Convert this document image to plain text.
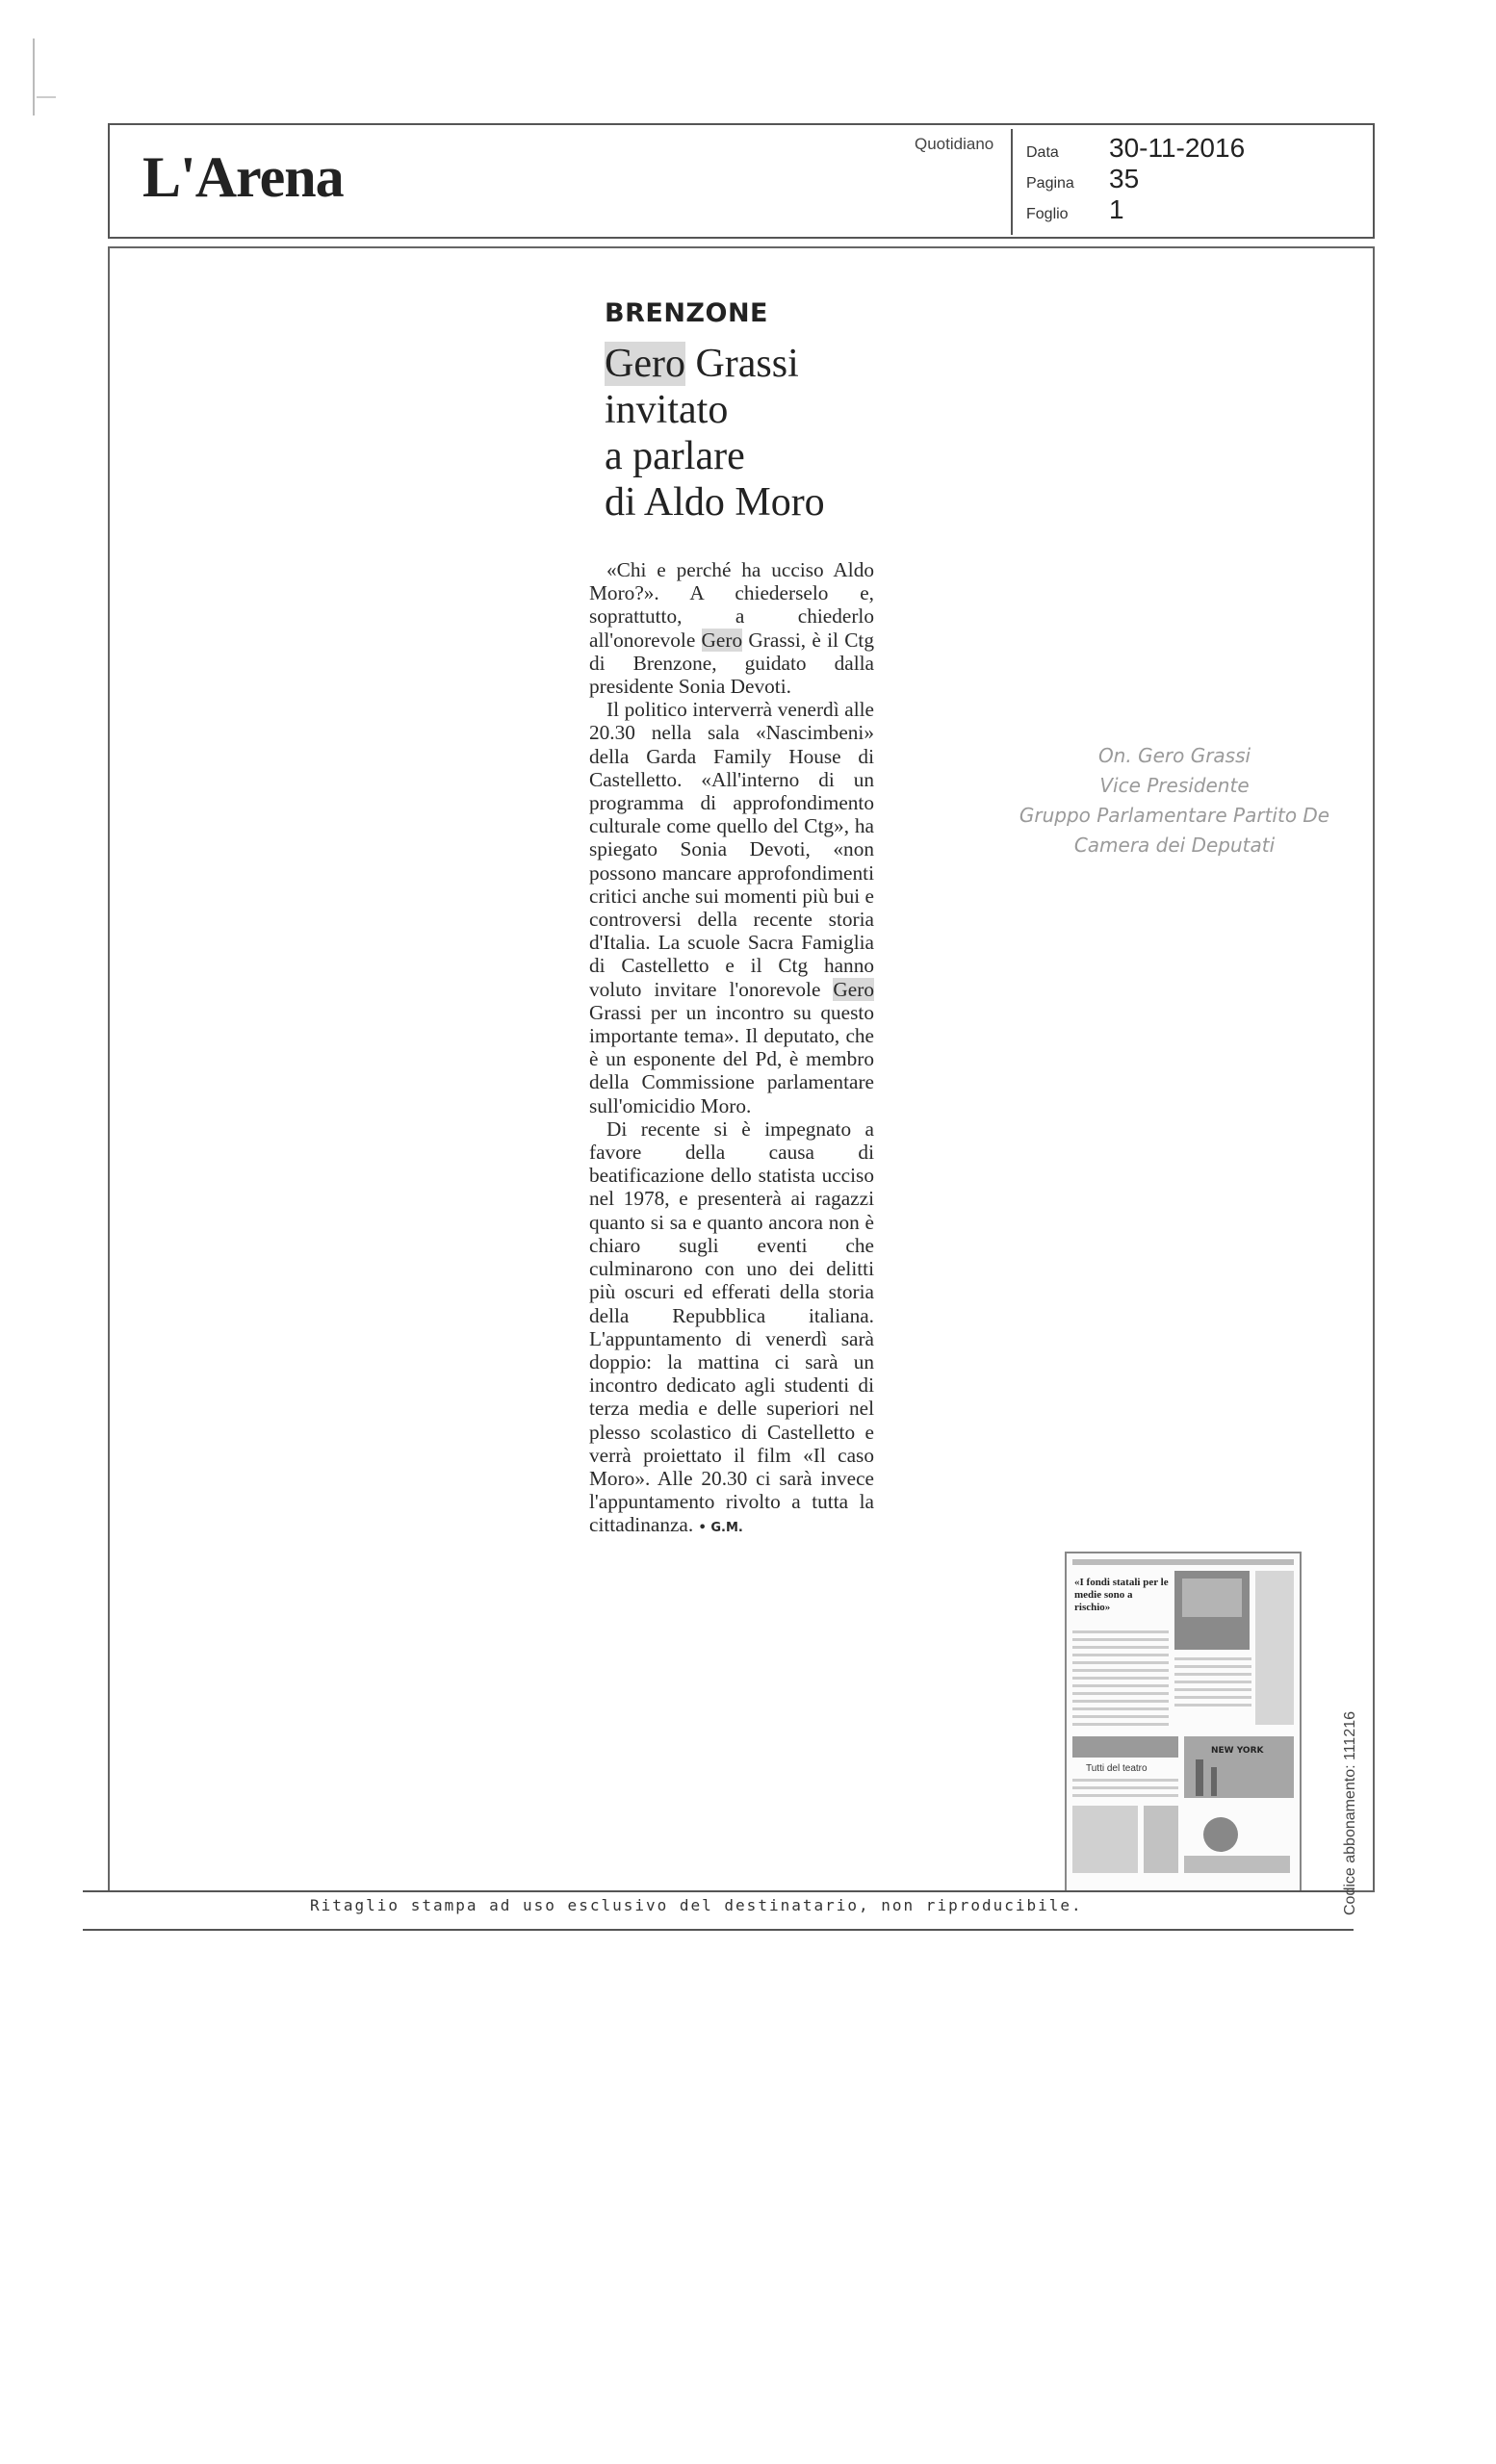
L'Arena
Quotidiano Data 30-11-2016
Pagina 35
Foglio 1
BRENZONE
Gero Grassi
invitato
a parlare
di Aldo Moro

«Chi e perché ha ucciso Aldo Moro?». A chiederselo e, soprattutto, a chiederlo all'onorevole Gero Grassi, è il Ctg di Brenzone, guidato dalla presidente Sonia Devoti.

Il politico interverrà venerdì alle 20.30 nella sala «Nascimbeni» della Garda Family House di Castelletto. «All'interno di un programma di approfondimento culturale come quello del Ctg», ha spiegato Sonia Devoti, «non possono mancare approfondimenti critici anche sui momenti più bui e controversi della recente storia d'Italia. La scuole Sacra Famiglia di Castelletto e il Ctg hanno voluto invitare l'onorevole Gero Grassi per un incontro su questo importante tema». Il deputato, che è un esponente del Pd, è membro della Commissione parlamentare sull'omicidio Moro.

Di recente si è impegnato a favore della causa di beatificazione dello statista ucciso nel 1978, e presenterà ai ragazzi quanto si sa e quanto ancora non è chiaro sugli eventi che culminarono con uno dei delitti più oscuri ed efferati della storia della Repubblica italiana. L'appuntamento di venerdì sarà doppio: la mattina ci sarà un incontro dedicato agli studenti di terza media e delle superiori nel plesso scolastico di Castelletto e verrà proiettato il film «Il caso Moro». Alle 20.30 ci sarà invece l'appuntamento rivolto a tutta la cittadinanza. • G.M.

On. Gero Grassi
Vice Presidente
Gruppo Parlamentare Partito De
Camera dei Deputati
«I fondi statali per le medie sono a rischio»
NEW YORK
Tutti del teatro
Ritaglio stampa ad uso esclusivo del destinatario, non riproducibile.	Codice abbonamento: 111216
